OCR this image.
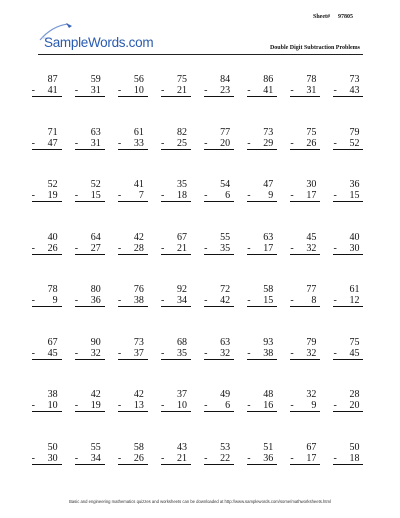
Sheet# 97805
SampleWords.com	Double Digit Subtraction Problems
87
- 41
59
- 31
56
- 10
75
- 21
84
- 23
86
- 41
78
- 31
73
- 43
71
- 47
63
- 31
61
- 33
82
- 25
77
- 20
73
- 29
75
- 26
79
- 52
52
- 19
52
- 15
41
- 7
35
- 18
54
- 6
47
- 9
30
- 17
36
- 15
40
- 26
64
- 27
42
- 28
67
- 21
55
- 35
63
- 17
45
- 32
40
- 30
78
- 9
80
- 36
76
- 38
92
- 34
72
- 42
58
- 15
77
- 8
61
- 12
67
- 45
90
- 32
73
- 37
68
- 35
63
- 32
93
- 38
79
- 32
75
- 45
38
- 10
42
- 19
42
- 13
37
- 10
49
- 6
48
- 16
32
- 9
28
- 20
50
- 30
55
- 34
58
- 26
43
- 21
53
- 22
51
- 36
67
- 17
50
- 18
Basic and engineering mathematics quizzes and worksheets can be downloaded at http://www.samplewords.com/some/mathworksheets.html
